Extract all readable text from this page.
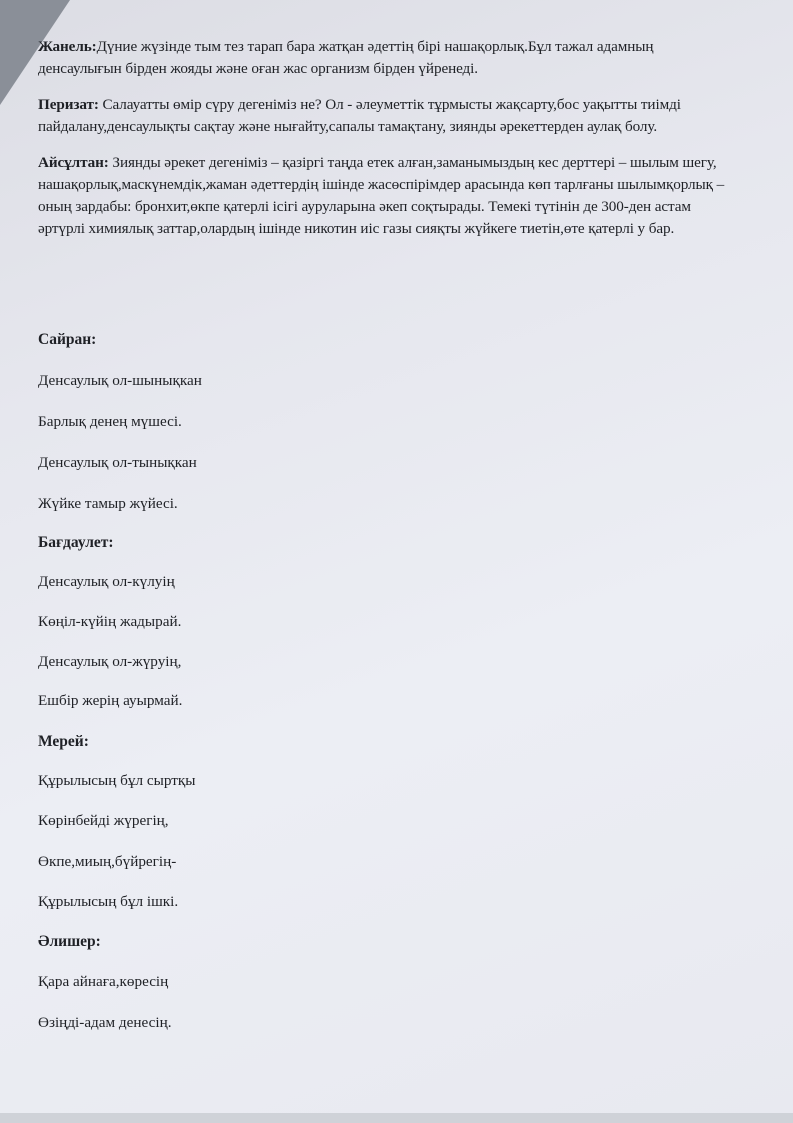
Жанель:Дүние жүзінде тым тез тарап бара жатқан әдеттің бірі нашақорлық.Бұл тажал адамның денсаулығын бірден жояды және оған жас организм бірден үйренеді.

Перизат: Салауатты өмір сүру дегеніміз не? Ол - әлеуметтік тұрмысты жақсарту,бос уақытты тиімді пайдалану,денсаулықты сақтау және нығайту,сапалы тамақтану, зиянды әрекеттерден аулақ болу.

Айсұлтан: Зиянды әрекет дегеніміз – қазіргі таңда етек алған,заманымыздың кес дерттері – шылым шегу, нашақорлық,маскүнемдік,жаман әдеттердің ішінде жасөспірімдер арасында көп тарлғаны шылымқорлық – оның зардабы: бронхит,өкпе қатерлі ісігі ауруларына әкеп соқтырады. Темекі түтінін де 300-ден астам әртүрлі химиялық заттар,олардың ішінде никотин иіс газы сияқты жүйкеге тиетін,өте қатерлі у бар.

Сайран:

Денсаулық ол-шынықкан

Барлық денең мүшесі.

Денсаулық ол-тынықкан

Жүйке тамыр жүйесі.

Бағдаулет:

Денсаулық ол-күлуің

Көңіл-күйің жадырай.

Денсаулық ол-жүруің,

Ешбір жерің ауырмай.

Мерей:

Құрылысың бұл сыртқы

Көрінбейді жүрегің,

Өкпе,миың,бүйрегің-

Құрылысың бұл ішкі.

Әлишер:

Қара айнаға,көресің

Өзіңді-адам денесің.
